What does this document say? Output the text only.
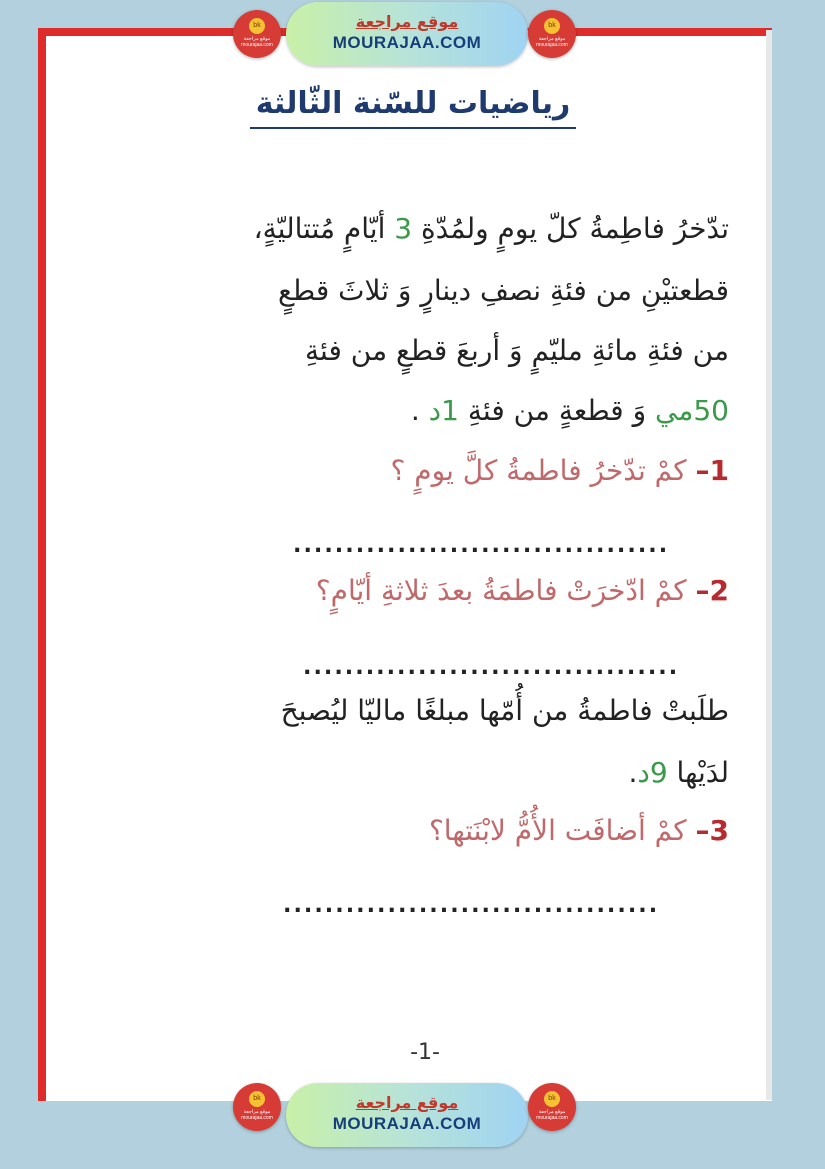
bk
موقع مراجعة mourajaa.com
موقع مراجعة
MOURAJAA.COM
bk
موقع مراجعة mourajaa.com
رياضيات للسّنة الثّالثة
تدّخرُ فاطِمةُ كلّ يومٍ ولمُدّةِ 3 أيّامٍ مُتتاليّةٍ،
قطعتيْنِ من فئةِ نصفِ دينارٍ وَ ثلاثَ قطعٍ
من فئةِ مائةِ مليّمٍ وَ أربعَ قطعٍ من فئةِ
50مي وَ قطعةٍ من فئةِ 1د .
1– كمْ تدّخرُ فاطمةُ كلَّ يومٍ ؟
....................................
2– كمْ ادّخرَتْ فاطمَةُ بعدَ ثلاثةِ أيّامٍ؟
....................................
طلَبتْ فاطمةُ من أُمّها مبلغًا ماليّا ليُصبحَ
لدَيْها 9د.
3– كمْ أضافَت الأُمُّ لابْنَتها؟
....................................
-1-
bk
موقع مراجعة mourajaa.com
موقع مراجعة
MOURAJAA.COM
bk
موقع مراجعة mourajaa.com
